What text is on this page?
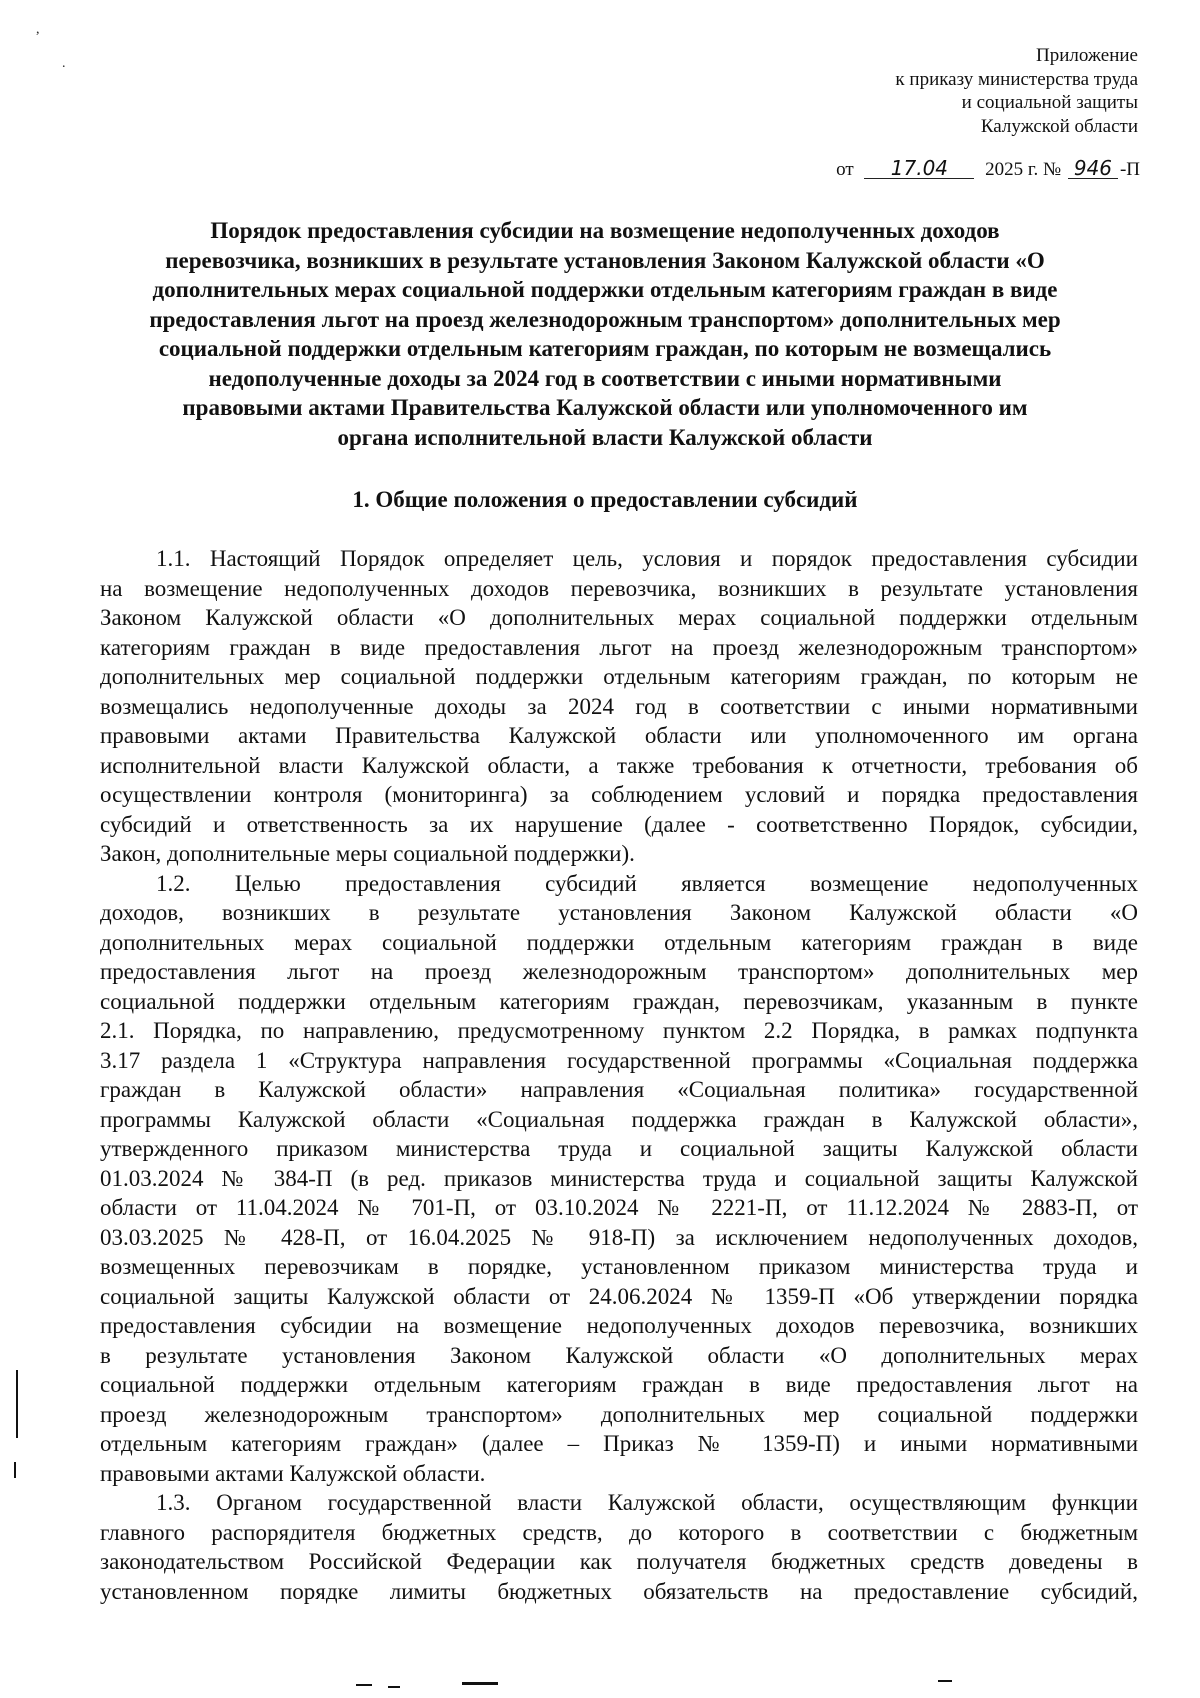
,
.	Приложение
к приказу министерства труда
и социальной защиты
Калужской области
от 17.04 2025 г. № 946 -П
Порядок предоставления субсидии на возмещение недополученных доходов
перевозчика, возникших в результате установления Законом Калужской области «О
дополнительных мерах социальной поддержки отдельным категориям граждан в виде
предоставления льгот на проезд железнодорожным транспортом» дополнительных мер
социальной поддержки отдельным категориям граждан, по которым не возмещались
недополученные доходы за 2024 год в соответствии с иными нормативными
правовыми актами Правительства Калужской области или уполномоченного им
органа исполнительной власти Калужской области
1. Общие положения о предоставлении субсидий
1.1. Настоящий Порядок определяет цель, условия и порядок предоставления субсидии
на возмещение недополученных доходов перевозчика, возникших в результате установления
Законом Калужской области «О дополнительных мерах социальной поддержки отдельным
категориям граждан в виде предоставления льгот на проезд железнодорожным транспортом»
дополнительных мер социальной поддержки отдельным категориям граждан, по которым не
возмещались недополученные доходы за 2024 год в соответствии с иными нормативными
правовыми актами Правительства Калужской области или уполномоченного им органа
исполнительной власти Калужской области, а также требования к отчетности, требования об
осуществлении контроля (мониторинга) за соблюдением условий и порядка предоставления
субсидий и ответственность за их нарушение (далее - соответственно Порядок, субсидии,
Закон, дополнительные меры социальной поддержки).
1.2. Целью предоставления субсидий является возмещение недополученных
доходов, возникших в результате установления Законом Калужской области «О
дополнительных мерах социальной поддержки отдельным категориям граждан в виде
предоставления льгот на проезд железнодорожным транспортом» дополнительных мер
социальной поддержки отдельным категориям граждан, перевозчикам, указанным в пункте
2.1. Порядка, по направлению, предусмотренному пунктом 2.2 Порядка, в рамках подпункта
3.17 раздела 1 «Структура направления государственной программы «Социальная поддержка
граждан в Калужской области» направления «Социальная политика» государственной
программы Калужской области «Социальная поддержка граждан в Калужской области»,
утвержденного приказом министерства труда и социальной защиты Калужской области
01.03.2024 № 384-П (в ред. приказов министерства труда и социальной защиты Калужской
области от 11.04.2024 № 701-П, от 03.10.2024 № 2221-П, от 11.12.2024 № 2883-П, от
03.03.2025 № 428-П, от 16.04.2025 № 918-П) за исключением недополученных доходов,
возмещенных перевозчикам в порядке, установленном приказом министерства труда и
социальной защиты Калужской области от 24.06.2024 № 1359-П «Об утверждении порядка
предоставления субсидии на возмещение недополученных доходов перевозчика, возникших
в результате установления Законом Калужской области «О дополнительных мерах
социальной поддержки отдельным категориям граждан в виде предоставления льгот на
проезд железнодорожным транспортом» дополнительных мер социальной поддержки
отдельным категориям граждан» (далее – Приказ № 1359-П) и иными нормативными
правовыми актами Калужской области.
1.3. Органом государственной власти Калужской области, осуществляющим функции
главного распорядителя бюджетных средств, до которого в соответствии с бюджетным
законодательством Российской Федерации как получателя бюджетных средств доведены в
установленном порядке лимиты бюджетных обязательств на предоставление субсидий,
